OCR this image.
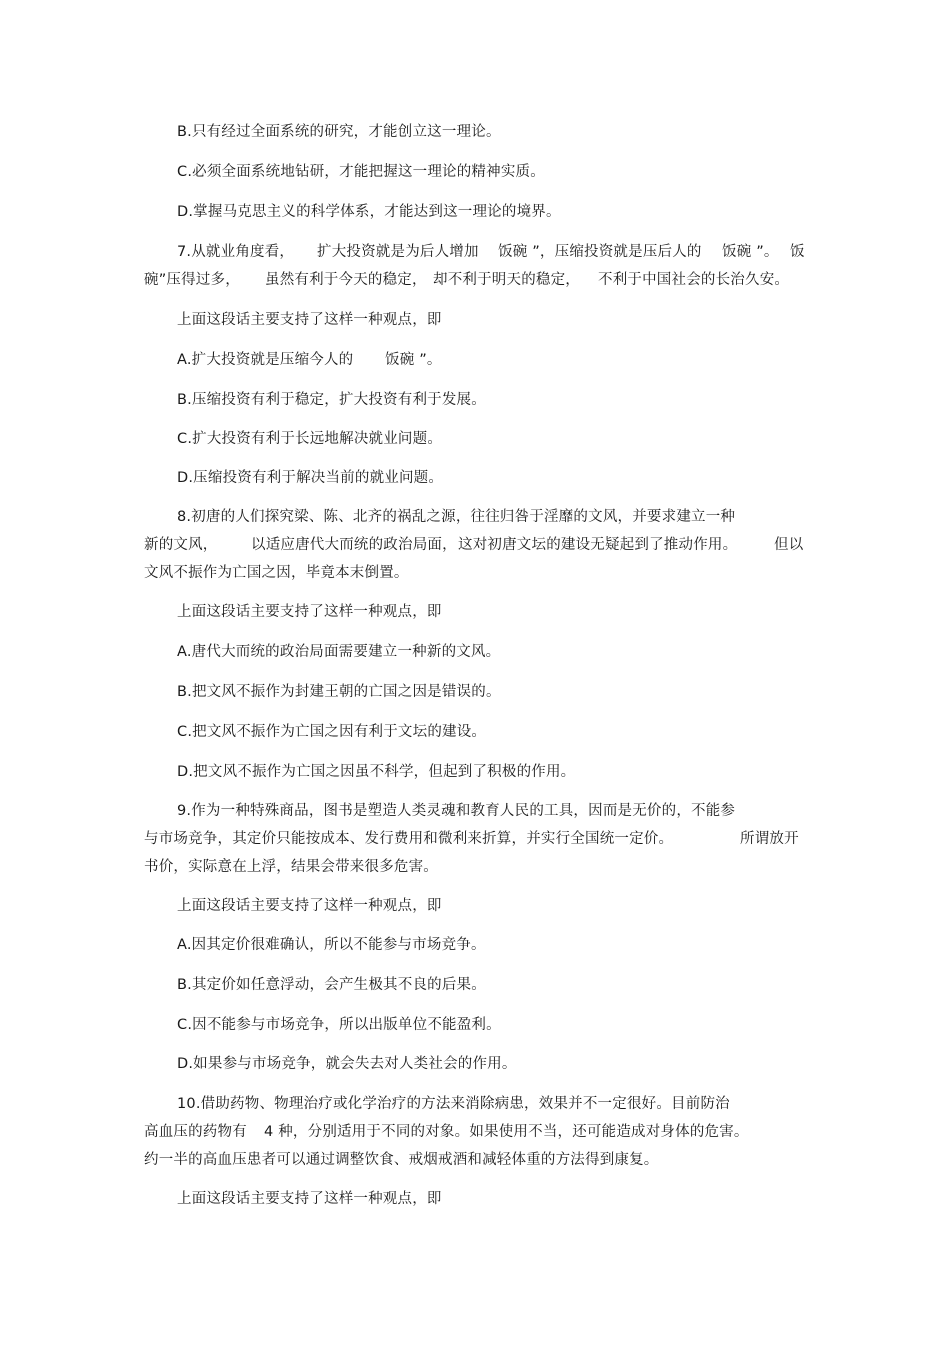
B.只有经过全面系统的研究，才能创立这一理论。
C.必须全面系统地钻研，才能把握这一理论的精神实质。
D.掌握马克思主义的科学体系，才能达到这一理论的境界。
7.从就业角度看， 扩大投资就是为后人增加 饭碗 ”，压缩投资就是压后人的 饭碗 ”。 饭
碗”压得过多， 虽然有利于今天的稳定， 却不利于明天的稳定， 不利于中国社会的长治久安。
上面这段话主要支持了这样一种观点，即
A.扩大投资就是压缩今人的 饭碗 ”。
B.压缩投资有利于稳定，扩大投资有利于发展。
C.扩大投资有利于长远地解决就业问题。
D.压缩投资有利于解决当前的就业问题。
8.初唐的人们探究梁、陈、北齐的祸乱之源，往往归咎于淫靡的文风，并要求建立一种
新的文风， 以适应唐代大而统的政治局面， 这对初唐文坛的建设无疑起到了推动作用。	但以
文风不振作为亡国之因，毕竟本末倒置。
上面这段话主要支持了这样一种观点，即
A.唐代大而统的政治局面需要建立一种新的文风。
B.把文风不振作为封建王朝的亡国之因是错误的。
C.把文风不振作为亡国之因有利于文坛的建设。
D.把文风不振作为亡国之因虽不科学，但起到了积极的作用。
9.作为一种特殊商品，图书是塑造人类灵魂和教育人民的工具，因而是无价的，不能参
与市场竞争，其定价只能按成本、发行费用和微利来折算，并实行全国统一定价。	所谓放开
书价，实际意在上浮，结果会带来很多危害。
上面这段话主要支持了这样一种观点，即
A.因其定价很难确认，所以不能参与市场竞争。
B.其定价如任意浮动，会产生极其不良的后果。
C.因不能参与市场竞争，所以出版单位不能盈利。
D.如果参与市场竞争，就会失去对人类社会的作用。
10.借助药物、物理治疗或化学治疗的方法来消除病患，效果并不一定很好。目前防治
高血压的药物有 4 种，分别适用于不同的对象。如果使用不当，还可能造成对身体的危害。
约一半的高血压患者可以通过调整饮食、戒烟戒酒和减轻体重的方法得到康复。
上面这段话主要支持了这样一种观点，即
